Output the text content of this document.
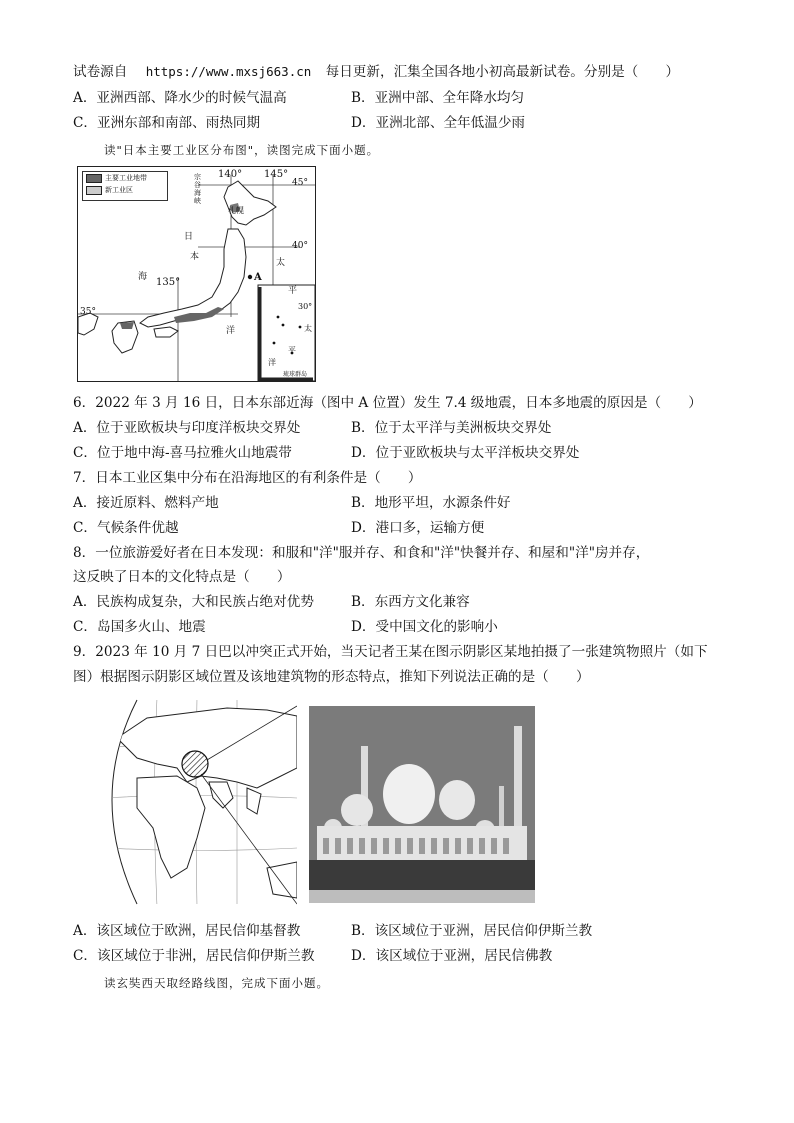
试卷源自 https://www.mxsj663.cn 每日更新，汇集全国各地小初高最新试卷。分别是（　　）
A．亚洲西部、降水少的时候气温高	B．亚洲中部、全年降水均匀
C．亚洲东部和南部、雨热同期	D．亚洲北部、全年低温少雨
读"日本主要工业区分布图"，读图完成下面小题。
主要工业地带
新工业区
140° 145°
135°
45°
40°
35°
30°
宗
谷
海
峡
札幌
日
本
海	A
太
平
洋	太
平
洋
琉球群岛
6．2022 年 3 月 16 日，日本东部近海（图中 A 位置）发生 7.4 级地震，日本多地震的原因是（　　）
A．位于亚欧板块与印度洋板块交界处	B．位于太平洋与美洲板块交界处
C．位于地中海-喜马拉雅火山地震带	D．位于亚欧板块与太平洋板块交界处
7．日本工业区集中分布在沿海地区的有利条件是（　　）
A．接近原料、燃料产地	B．地形平坦，水源条件好
C．气候条件优越	D．港口多，运输方便
8．一位旅游爱好者在日本发现：和服和"洋"服并存、和食和"洋"快餐并存、和屋和"洋"房并存，
这反映了日本的文化特点是（　　）
A．民族构成复杂，大和民族占绝对优势	B．东西方文化兼容
C．岛国多火山、地震	D．受中国文化的影响小
9．2023 年 10 月 7 日巴以冲突正式开始，当天记者王某在图示阴影区某地拍摄了一张建筑物照片（如下
图）根据图示阴影区域位置及该地建筑物的形态特点，推知下列说法正确的是（　　）
A．该区域位于欧洲，居民信仰基督教	B．该区域位于亚洲，居民信仰伊斯兰教
C．该区域位于非洲，居民信仰伊斯兰教	D．该区域位于亚洲，居民信佛教
读玄奘西天取经路线图，完成下面小题。
